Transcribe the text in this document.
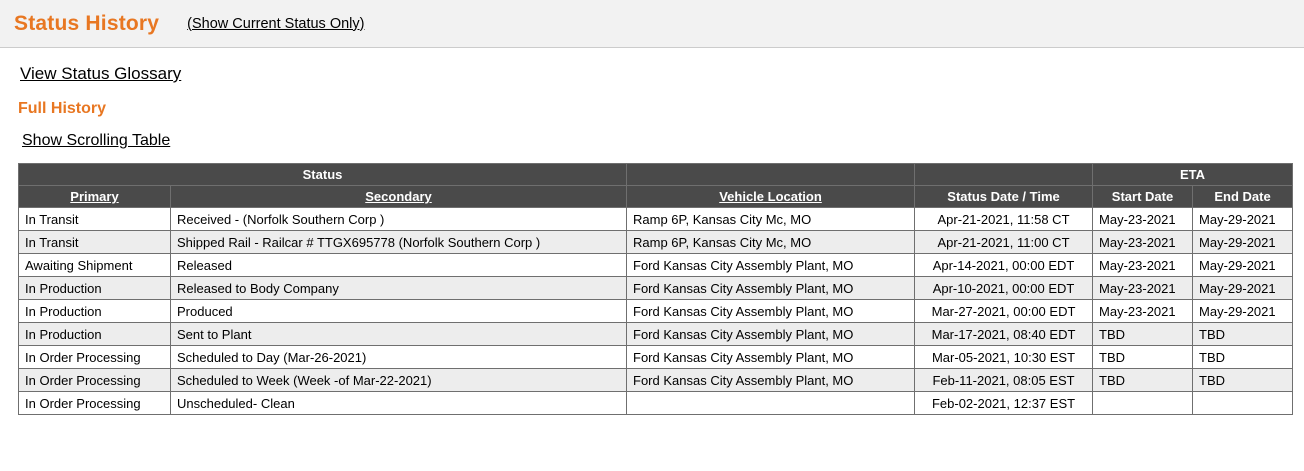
Status History (Show Current Status Only)
View Status Glossary
Full History
Show Scrolling Table
Status				ETA	
Primary	Secondary	Vehicle Location	Status Date / Time	Start Date	End Date
In Transit	Received - (Norfolk Southern Corp )	Ramp 6P, Kansas City Mc, MO	Apr-21-2021, 11:58 CT	May-23-2021	May-29-2021
In Transit	Shipped Rail - Railcar # TTGX695778 (Norfolk Southern Corp )	Ramp 6P, Kansas City Mc, MO	Apr-21-2021, 11:00 CT	May-23-2021	May-29-2021
Awaiting Shipment	Released	Ford Kansas City Assembly Plant, MO	Apr-14-2021, 00:00 EDT	May-23-2021	May-29-2021
In Production	Released to Body Company	Ford Kansas City Assembly Plant, MO	Apr-10-2021, 00:00 EDT	May-23-2021	May-29-2021
In Production	Produced	Ford Kansas City Assembly Plant, MO	Mar-27-2021, 00:00 EDT	May-23-2021	May-29-2021
In Production	Sent to Plant	Ford Kansas City Assembly Plant, MO	Mar-17-2021, 08:40 EDT	TBD	TBD
In Order Processing	Scheduled to Day (Mar-26-2021)	Ford Kansas City Assembly Plant, MO	Mar-05-2021, 10:30 EST	TBD	TBD
In Order Processing	Scheduled to Week (Week -of Mar-22-2021)	Ford Kansas City Assembly Plant, MO	Feb-11-2021, 08:05 EST	TBD	TBD
In Order Processing	Unscheduled- Clean		Feb-02-2021, 12:37 EST		
